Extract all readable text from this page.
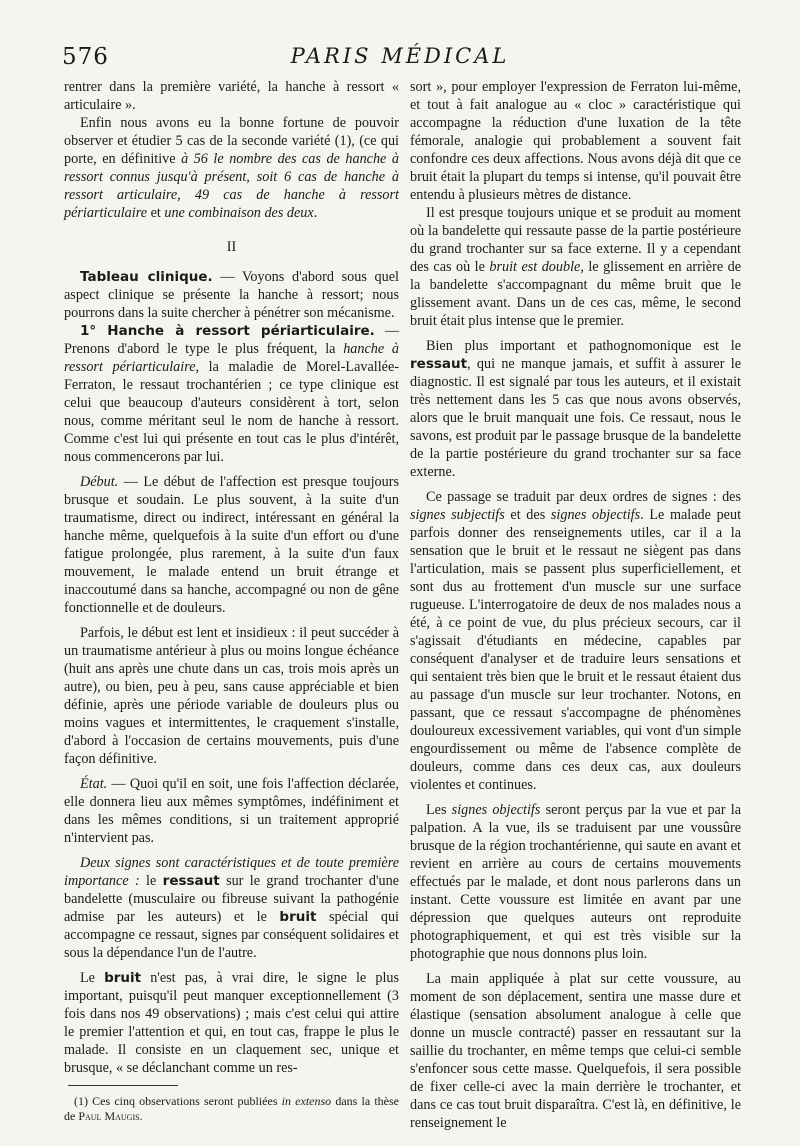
576	PARIS MÉDICAL

rentrer dans la première variété, la hanche à ressort « articulaire ».

Enfin nous avons eu la bonne fortune de pouvoir observer et étudier 5 cas de la seconde variété (1), (ce qui porte, en définitive à 56 le nombre des cas de hanche à ressort connus jusqu'à présent, soit 6 cas de hanche à ressort articulaire, 49 cas de hanche à ressort périarticulaire et une combinaison des deux.

II

Tableau clinique. — Voyons d'abord sous quel aspect clinique se présente la hanche à ressort; nous pourrons dans la suite chercher à pénétrer son mécanisme.

1° Hanche à ressort périarticulaire. — Prenons d'abord le type le plus fréquent, la hanche à ressort périarticulaire, la maladie de Morel-Lavallée-Ferraton, le ressaut trochantérien ; ce type clinique est celui que beaucoup d'auteurs considèrent à tort, selon nous, comme méritant seul le nom de hanche à ressort. Comme c'est lui qui présente en tout cas le plus d'intérêt, nous commencerons par lui.

Début. — Le début de l'affection est presque toujours brusque et soudain. Le plus souvent, à la suite d'un traumatisme, direct ou indirect, intéressant en général la hanche même, quelquefois à la suite d'un effort ou d'une fatigue prolongée, plus rarement, à la suite d'un faux mouvement, le malade entend un bruit étrange et inaccoutumé dans sa hanche, accompagné ou non de gêne fonctionnelle et de douleurs.

Parfois, le début est lent et insidieux : il peut succéder à un traumatisme antérieur à plus ou moins longue échéance (huit ans après une chute dans un cas, trois mois après un autre), ou bien, peu à peu, sans cause appréciable et bien définie, après une période variable de douleurs plus ou moins vagues et intermittentes, le craquement s'installe, d'abord à l'occasion de certains mouvements, puis d'une façon définitive.

État. — Quoi qu'il en soit, une fois l'affection déclarée, elle donnera lieu aux mêmes symptômes, indéfiniment et dans les mêmes conditions, si un traitement approprié n'intervient pas.

Deux signes sont caractéristiques et de toute première importance : le ressaut sur le grand trochanter d'une bandelette (musculaire ou fibreuse suivant la pathogénie admise par les auteurs) et le bruit spécial qui accompagne ce ressaut, signes par conséquent solidaires et sous la dépendance l'un de l'autre.

Le bruit n'est pas, à vrai dire, le signe le plus important, puisqu'il peut manquer exceptionnellement (3 fois dans nos 49 observations) ; mais c'est celui qui attire le premier l'attention et qui, en tout cas, frappe le plus le malade. Il consiste en un claquement sec, unique et brusque, « se déclanchant comme un res-

(1) Ces cinq observations seront publiées in extenso dans la thèse de Paul Maugis.

sort », pour employer l'expression de Ferraton lui-même, et tout à fait analogue au « cloc » caractéristique qui accompagne la réduction d'une luxation de la tête fémorale, analogie qui probablement a souvent fait confondre ces deux affections. Nous avons déjà dit que ce bruit était la plupart du temps si intense, qu'il pouvait être entendu à plusieurs mètres de distance.

Il est presque toujours unique et se produit au moment où la bandelette qui ressaute passe de la partie postérieure du grand trochanter sur sa face externe. Il y a cependant des cas où le bruit est double, le glissement en arrière de la bandelette s'accompagnant du même bruit que le glissement avant. Dans un de ces cas, même, le second bruit était plus intense que le premier.

Bien plus important et pathognomonique est le ressaut, qui ne manque jamais, et suffit à assurer le diagnostic. Il est signalé par tous les auteurs, et il existait très nettement dans les 5 cas que nous avons observés, alors que le bruit manquait une fois. Ce ressaut, nous le savons, est produit par le passage brusque de la bandelette de la partie postérieure du grand trochanter sur sa face externe.

Ce passage se traduit par deux ordres de signes : des signes subjectifs et des signes objectifs. Le malade peut parfois donner des renseignements utiles, car il a la sensation que le bruit et le ressaut ne siègent pas dans l'articulation, mais se passent plus superficiellement, et sont dus au frottement d'un muscle sur une surface rugueuse. L'interrogatoire de deux de nos malades nous a été, à ce point de vue, du plus précieux secours, car il s'agissait d'étudiants en médecine, capables par conséquent d'analyser et de traduire leurs sensations et qui sentaient très bien que le bruit et le ressaut étaient dus au passage d'un muscle sur leur trochanter. Notons, en passant, que ce ressaut s'accompagne de phénomènes douloureux excessivement variables, qui vont d'un simple engourdissement ou même de l'absence complète de douleurs, comme dans ces deux cas, aux douleurs violentes et continues.

Les signes objectifs seront perçus par la vue et par la palpation. A la vue, ils se traduisent par une voussûre brusque de la région trochantérienne, qui saute en avant et revient en arrière au cours de certains mouvements effectués par le malade, et dont nous parlerons dans un instant. Cette voussure est limitée en avant par une dépression que quelques auteurs ont reproduite photographiquement, et qui est très visible sur la photographie que nous donnons plus loin.

La main appliquée à plat sur cette voussure, au moment de son déplacement, sentira une masse dure et élastique (sensation absolument analogue à celle que donne un muscle contracté) passer en ressautant sur la saillie du trochanter, en même temps que celui-ci semble s'enfoncer sous cette masse. Quelquefois, il sera possible de fixer celle-ci avec la main derrière le trochanter, et dans ce cas tout bruit disparaîtra. C'est là, en définitive, le renseignement le
